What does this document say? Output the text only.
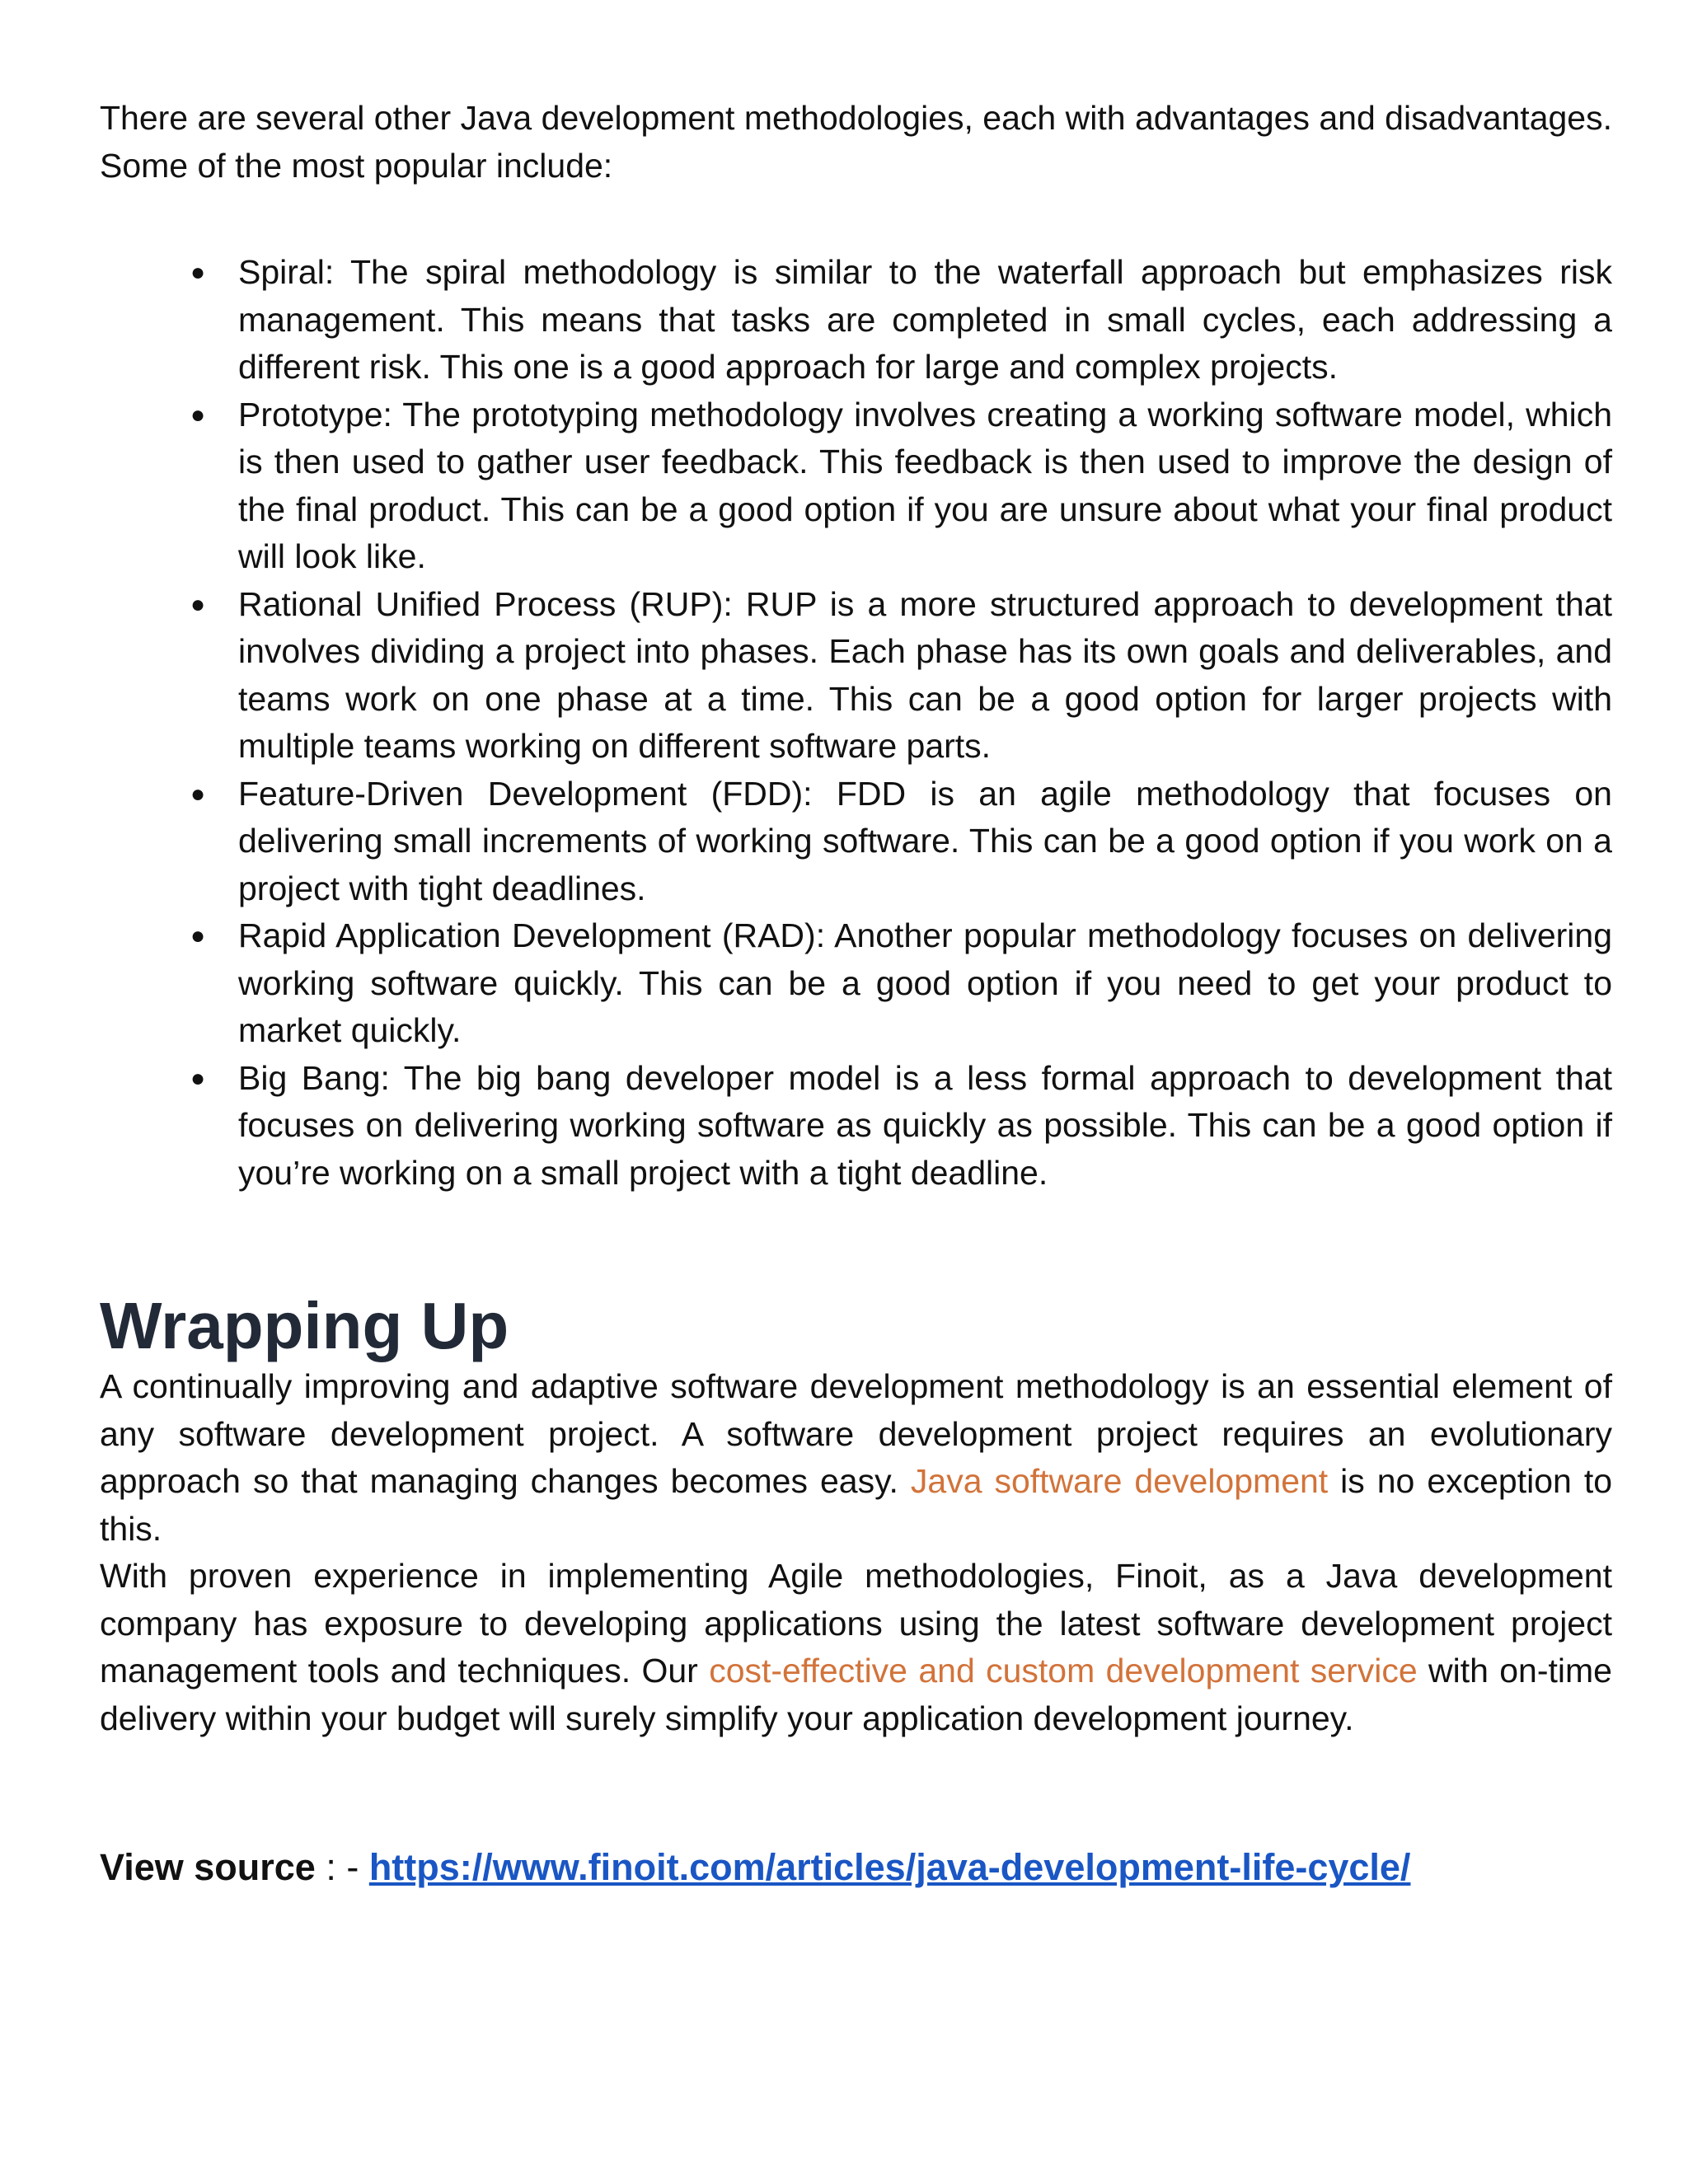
There are several other Java development methodologies, each with advantages and disadvantages. Some of the most popular include:

● Spiral: The spiral methodology is similar to the waterfall approach but emphasizes risk management. This means that tasks are completed in small cycles, each addressing a different risk. This one is a good approach for large and complex projects.
● Prototype: The prototyping methodology involves creating a working software model, which is then used to gather user feedback. This feedback is then used to improve the design of the final product. This can be a good option if you are unsure about what your final product will look like.
● Rational Unified Process (RUP): RUP is a more structured approach to development that involves dividing a project into phases. Each phase has its own goals and deliverables, and teams work on one phase at a time. This can be a good option for larger projects with multiple teams working on different software parts.
● Feature-Driven Development (FDD): FDD is an agile methodology that focuses on delivering small increments of working software. This can be a good option if you work on a project with tight deadlines.
● Rapid Application Development (RAD): Another popular methodology focuses on delivering working software quickly. This can be a good option if you need to get your product to market quickly.
● Big Bang: The big bang developer model is a less formal approach to development that focuses on delivering working software as quickly as possible. This can be a good option if you’re working on a small project with a tight deadline.
Wrapping Up

A continually improving and adaptive software development methodology is an essential element of any software development project. A software development project requires an evolutionary approach so that managing changes becomes easy. Java software development is no exception to this.

With proven experience in implementing Agile methodologies, Finoit, as a Java development company has exposure to developing applications using the latest software development project management tools and techniques. Our cost-effective and custom development service with on-time delivery within your budget will surely simplify your application development journey.

View source : - https://www.finoit.com/articles/java-development-life-cycle/
